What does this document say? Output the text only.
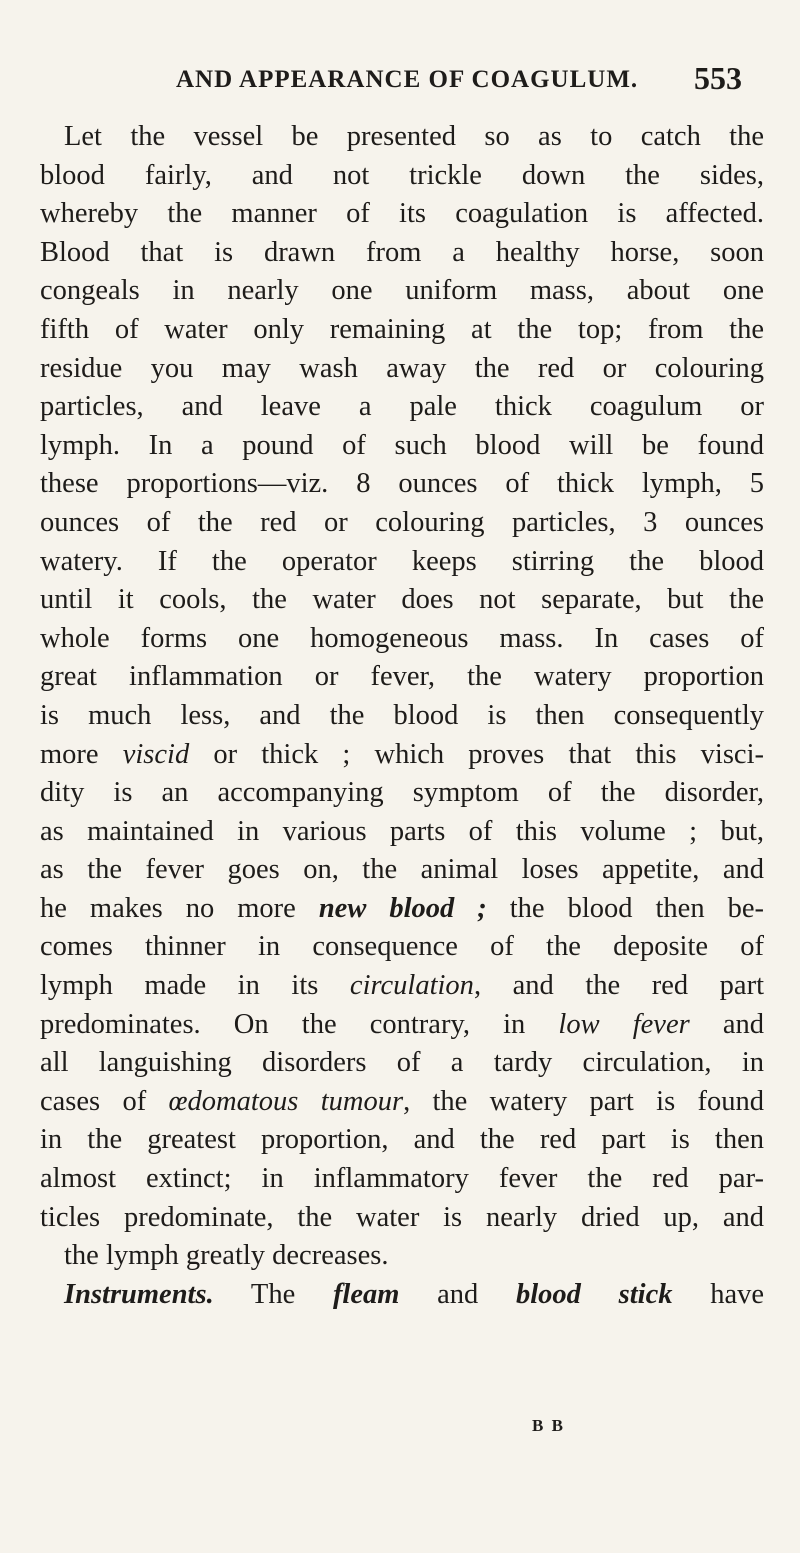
AND APPEARANCE OF COAGULUM. 553
Let the vessel be presented so as to catch the
blood fairly, and not trickle down the sides,
whereby the manner of its coagulation is affected.
Blood that is drawn from a healthy horse, soon
congeals in nearly one uniform mass, about one
fifth of water only remaining at the top; from the
residue you may wash away the red or colouring
particles, and leave a pale thick coagulum or
lymph. In a pound of such blood will be found
these proportions—viz. 8 ounces of thick lymph, 5
ounces of the red or colouring particles, 3 ounces
watery. If the operator keeps stirring the blood
until it cools, the water does not separate, but the
whole forms one homogeneous mass. In cases of
great inflammation or fever, the watery proportion
is much less, and the blood is then consequently
more viscid or thick ; which proves that this visci-
dity is an accompanying symptom of the disorder,
as maintained in various parts of this volume ; but,
as the fever goes on, the animal loses appetite, and
he makes no more new blood ; the blood then be-
comes thinner in consequence of the deposite of
lymph made in its circulation, and the red part
predominates. On the contrary, in low fever and
all languishing disorders of a tardy circulation, in
cases of œdomatous tumour, the watery part is found
in the greatest proportion, and the red part is then
almost extinct; in inflammatory fever the red par-
ticles predominate, the water is nearly dried up, and
the lymph greatly decreases.
Instruments. The fleam and blood stick have
B B
